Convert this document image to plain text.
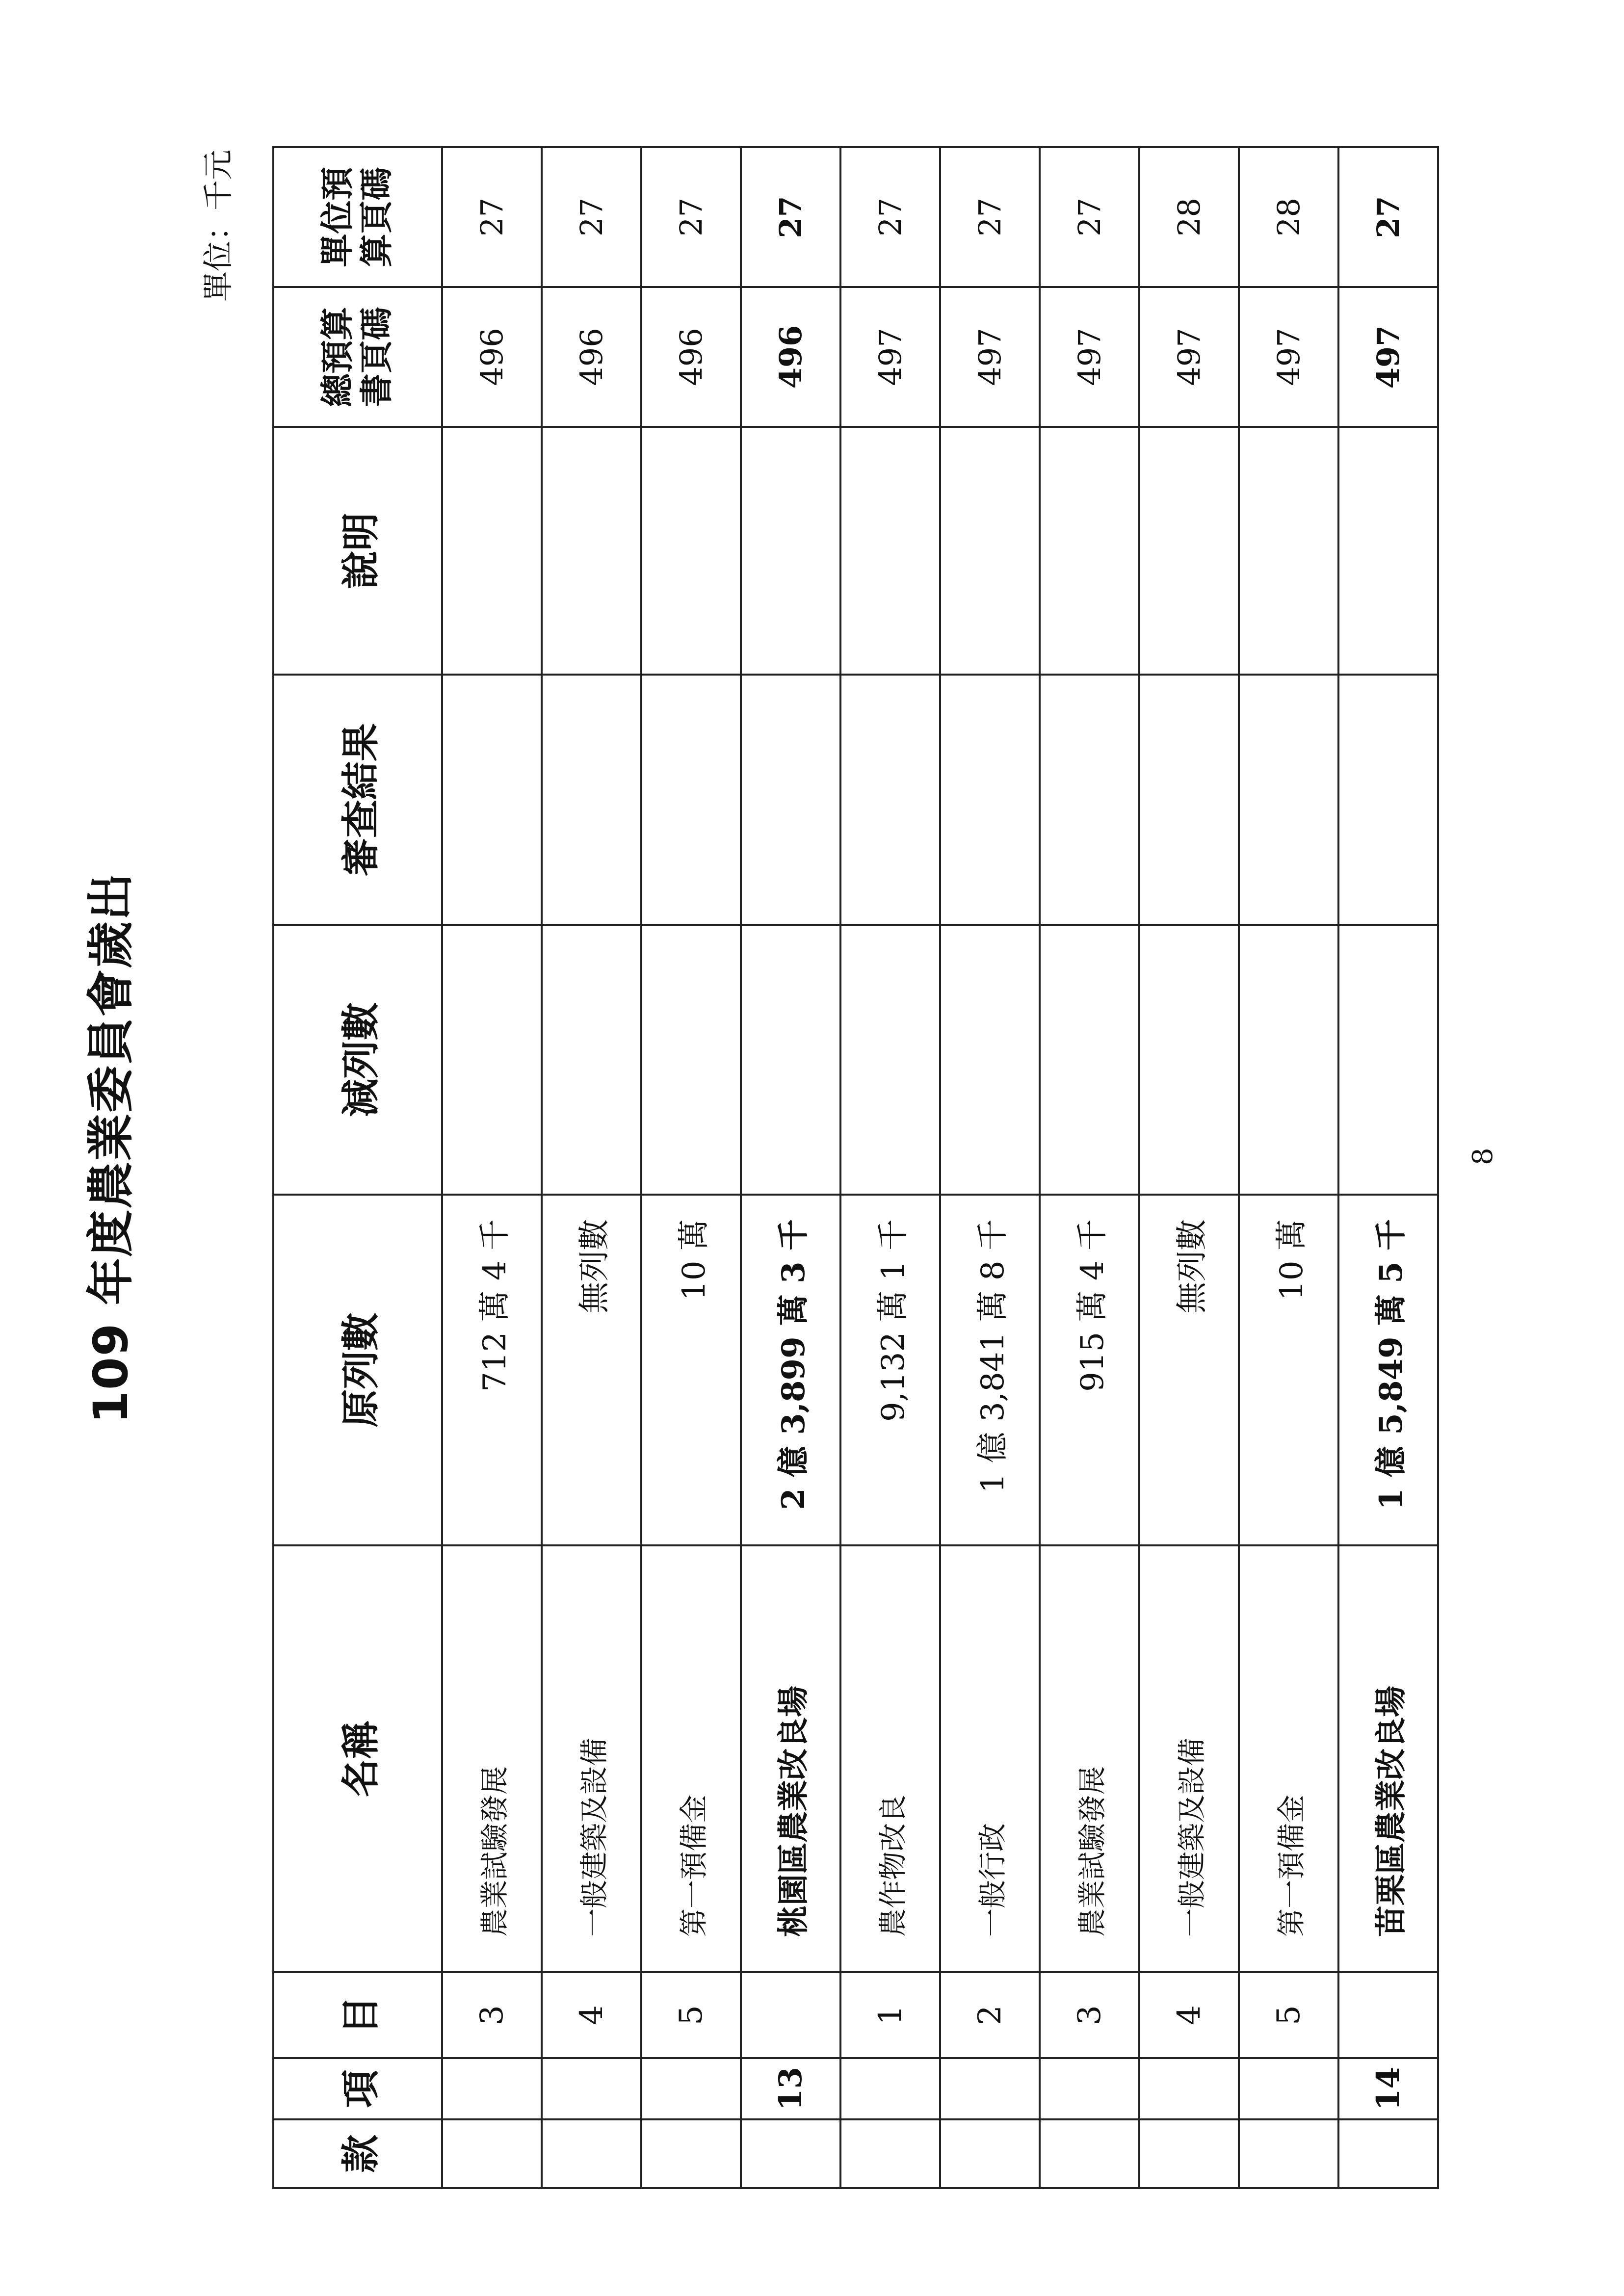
109 年度農業委員會歲出
單位：千元
款	項	目	名稱	原列數	減列數	審查結果	說明	總預算書頁碼	單位預算頁碼
		3	農業試驗發展	712 萬 4 千				496	27
		4	一般建築及設備	無列數				496	27
		5	第一預備金	10 萬				496	27
	13		桃園區農業改良場	2 億 3,899 萬 3 千				496	27
		1	農作物改良	9,132 萬 1 千				497	27
		2	一般行政	1 億 3,841 萬 8 千				497	27
		3	農業試驗發展	915 萬 4 千				497	27
		4	一般建築及設備	無列數				497	28
		5	第一預備金	10 萬				497	28
	14		苗栗區農業改良場	1 億 5,849 萬 5 千				497	27
8
